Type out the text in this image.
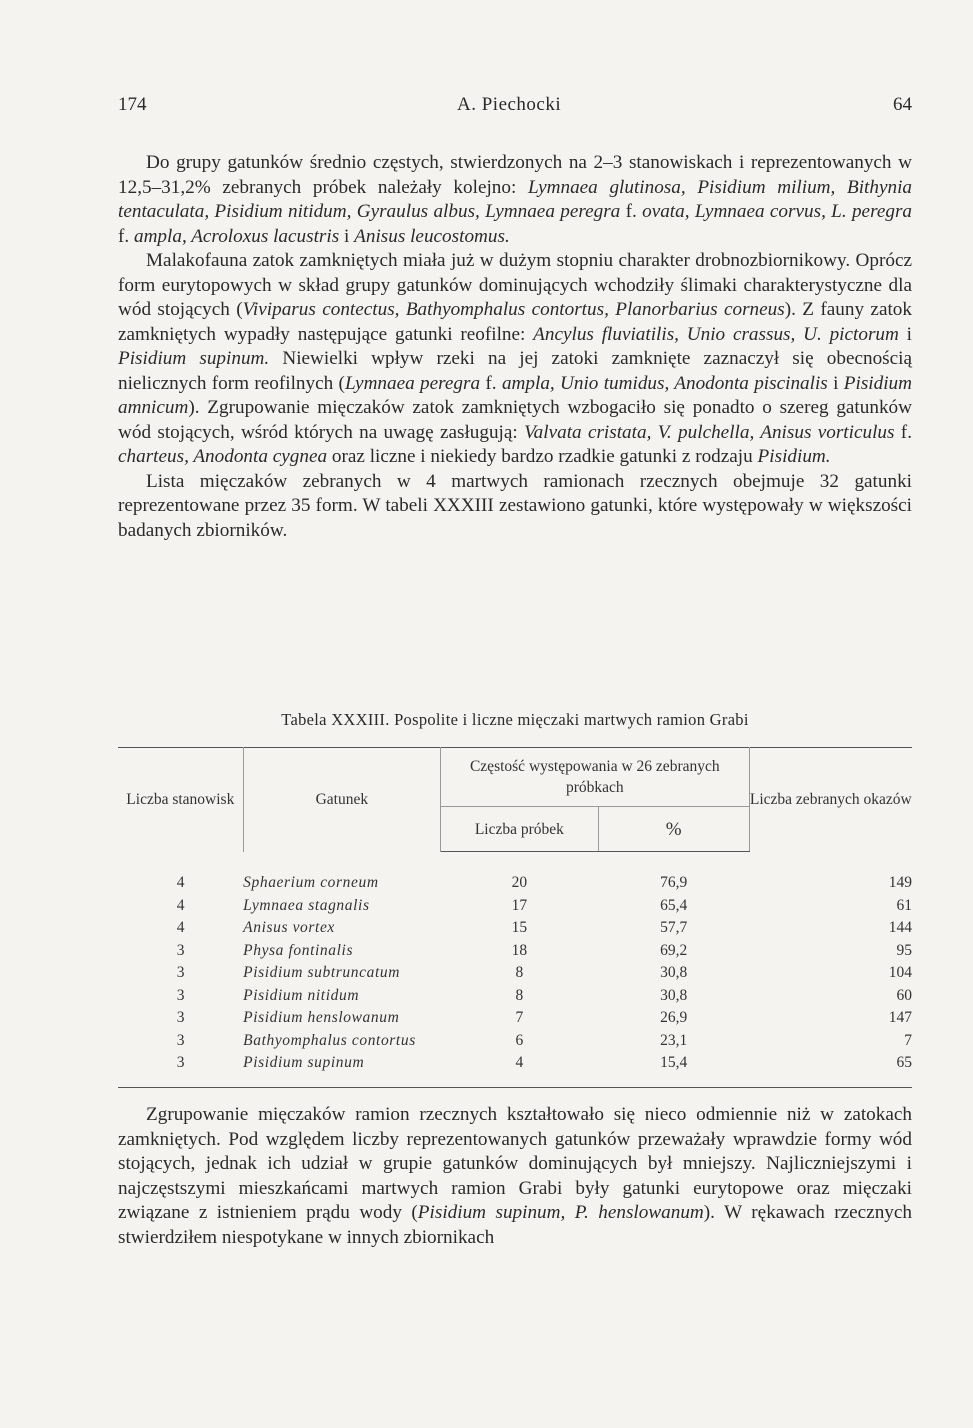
174	A. Piechocki	64

Do grupy gatunków średnio częstych, stwierdzonych na 2–3 stanowiskach i reprezentowanych w 12,5–31,2% zebranych próbek należały kolejno: Lymnaea glutinosa, Pisidium milium, Bithynia tentaculata, Pisidium nitidum, Gyraulus albus, Lymnaea peregra f. ovata, Lymnaea corvus, L. peregra f. ampla, Acroloxus lacustris i Anisus leucostomus.

Malakofauna zatok zamkniętych miała już w dużym stopniu charakter drobnozbiornikowy. Oprócz form eurytopowych w skład grupy gatunków dominujących wchodziły ślimaki charakterystyczne dla wód stojących (Viviparus contectus, Bathyomphalus contortus, Planorbarius corneus). Z fauny zatok zamkniętych wypadły następujące gatunki reofilne: Ancylus fluviatilis, Unio crassus, U. pictorum i Pisidium supinum. Niewielki wpływ rzeki na jej zatoki zamknięte zaznaczył się obecnością nielicznych form reofilnych (Lymnaea peregra f. ampla, Unio tumidus, Anodonta piscinalis i Pisidium amnicum). Zgrupowanie mięczaków zatok zamkniętych wzbogaciło się ponadto o szereg gatunków wód stojących, wśród których na uwagę zasługują: Valvata cristata, V. pulchella, Anisus vorticulus f. charteus, Anodonta cygnea oraz liczne i niekiedy bardzo rzadkie gatunki z rodzaju Pisidium.

Lista mięczaków zebranych w 4 martwych ramionach rzecznych obejmuje 32 gatunki reprezentowane przez 35 form. W tabeli XXXIII zestawiono gatunki, które występowały w większości badanych zbiorników.

Tabela XXXIII. Pospolite i liczne mięczaki martwych ramion Grabi
Liczba stanowisk	Gatunek	Częstość występowania w 26 zebranych próbkach		Liczba zebranych okazów
		Liczba próbek	%	
4	Sphaerium corneum	20	76,9	149
4	Lymnaea stagnalis	17	65,4	61
4	Anisus vortex	15	57,7	144
3	Physa fontinalis	18	69,2	95
3	Pisidium subtruncatum	8	30,8	104
3	Pisidium nitidum	8	30,8	60
3	Pisidium henslowanum	7	26,9	147
3	Bathyomphalus contortus	6	23,1	7
3	Pisidium supinum	4	15,4	65

Zgrupowanie mięczaków ramion rzecznych kształtowało się nieco odmiennie niż w zatokach zamkniętych. Pod względem liczby reprezentowanych gatunków przeważały wprawdzie formy wód stojących, jednak ich udział w grupie gatunków dominujących był mniejszy. Najliczniejszymi i najczęstszymi mieszkańcami martwych ramion Grabi były gatunki eurytopowe oraz mięczaki związane z istnieniem prądu wody (Pisidium supinum, P. henslowanum). W rękawach rzecznych stwierdziłem niespotykane w innych zbiornikach
